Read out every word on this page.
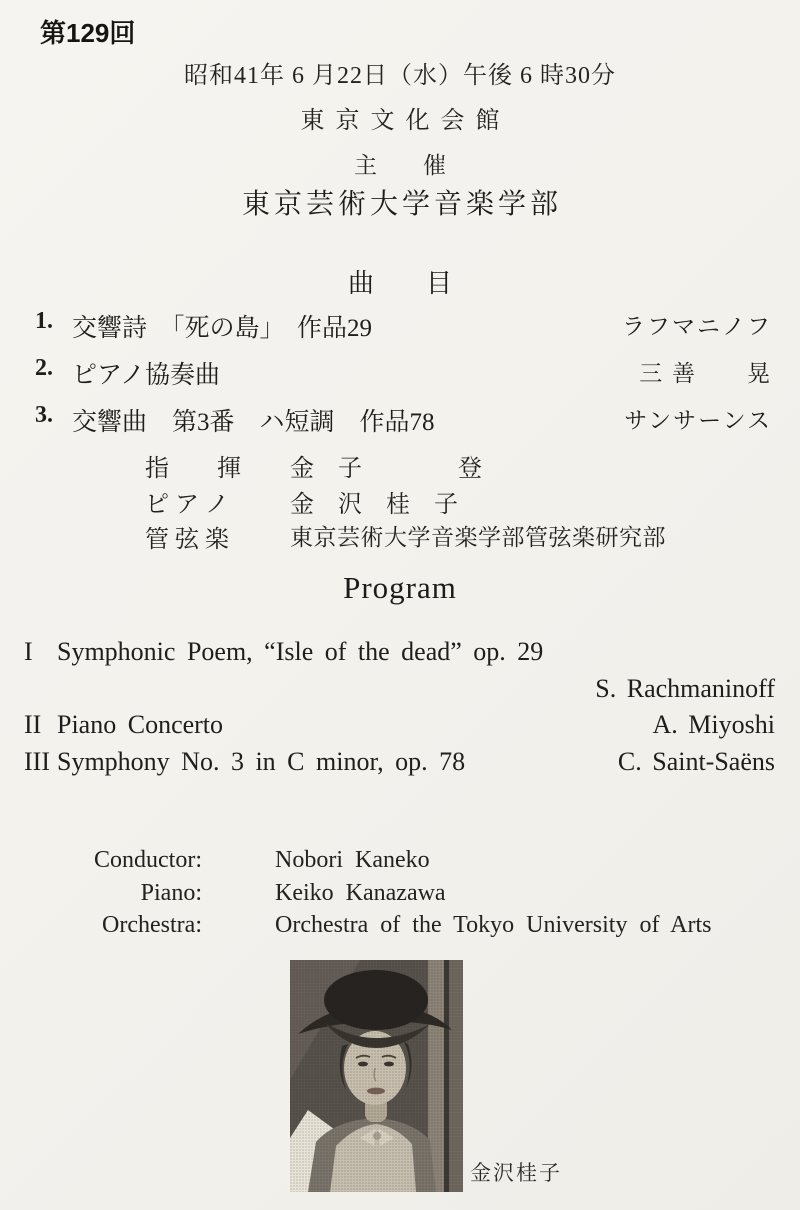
第129回
昭和41年 6 月22日（水）午後 6 時30分
東京文化会館
主　　催
東京芸術大学音楽学部
曲　　目
1. 交響詩　「死の島」　作品29	ラフマニノフ
2. ピアノ協奏曲	三 善　　晃
3. 交響曲　第3番　ハ短調　作品78	サンサーンス
指　　揮 金　子　　　　登
ピ ア ノ	金　沢　桂　子
管 弦 楽	東京芸術大学音楽学部管弦楽研究部
Program
I Symphonic Poem, “Isle of the dead” op. 29
S. Rachmaninoff
II Piano Concerto	A. Miyoshi
III Symphony No. 3 in C minor, op. 78	C. Saint-Saëns
Conductor:	Nobori Kaneko
Piano:	Keiko Kanazawa
Orchestra:	Orchestra of the Tokyo University of Arts
金沢桂子
